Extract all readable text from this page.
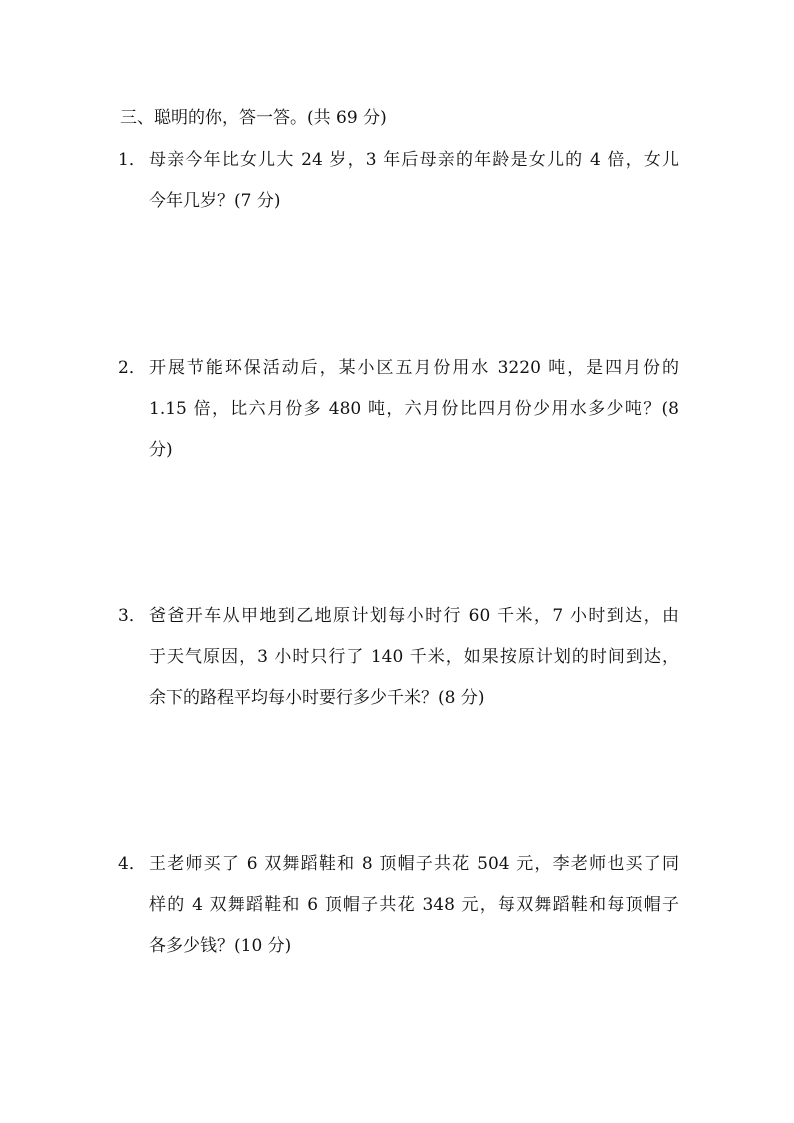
三、聪明的你，答一答。(共 69 分)
1． 母亲今年比女儿大 24 岁，3 年后母亲的年龄是女儿的 4 倍，女儿
今年几岁？(7 分)
2． 开展节能环保活动后，某小区五月份用水 3220 吨，是四月份的
1.15 倍，比六月份多 480 吨，六月份比四月份少用水多少吨？(8
分)
3． 爸爸开车从甲地到乙地原计划每小时行 60 千米，7 小时到达，由
于天气原因，3 小时只行了 140 千米，如果按原计划的时间到达，
余下的路程平均每小时要行多少千米？(8 分)
4． 王老师买了 6 双舞蹈鞋和 8 顶帽子共花 504 元，李老师也买了同
样的 4 双舞蹈鞋和 6 顶帽子共花 348 元，每双舞蹈鞋和每顶帽子
各多少钱？(10 分)
